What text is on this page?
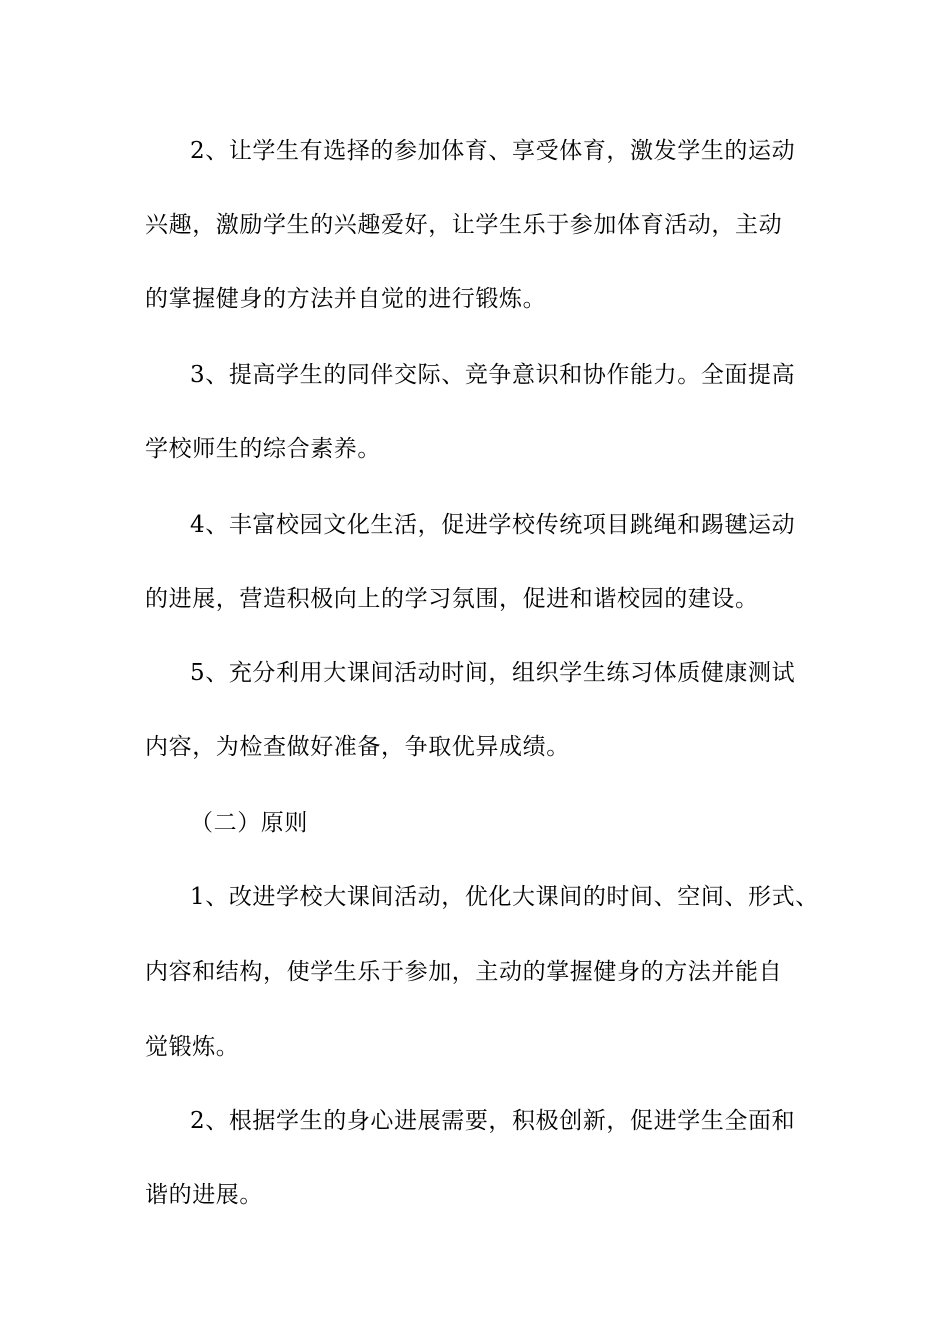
2、让学生有选择的参加体育、享受体育，激发学生的运动
兴趣，激励学生的兴趣爱好，让学生乐于参加体育活动，主动
的掌握健身的方法并自觉的进行锻炼。
3、提高学生的同伴交际、竞争意识和协作能力。全面提高
学校师生的综合素养。
4、丰富校园文化生活，促进学校传统项目跳绳和踢毽运动
的进展，营造积极向上的学习氛围，促进和谐校园的建设。
5、充分利用大课间活动时间，组织学生练习体质健康测试
内容，为检查做好准备，争取优异成绩。
（二）原则
1、改进学校大课间活动，优化大课间的时间、空间、形式、
内容和结构，使学生乐于参加，主动的掌握健身的方法并能自
觉锻炼。
2、根据学生的身心进展需要，积极创新，促进学生全面和
谐的进展。
